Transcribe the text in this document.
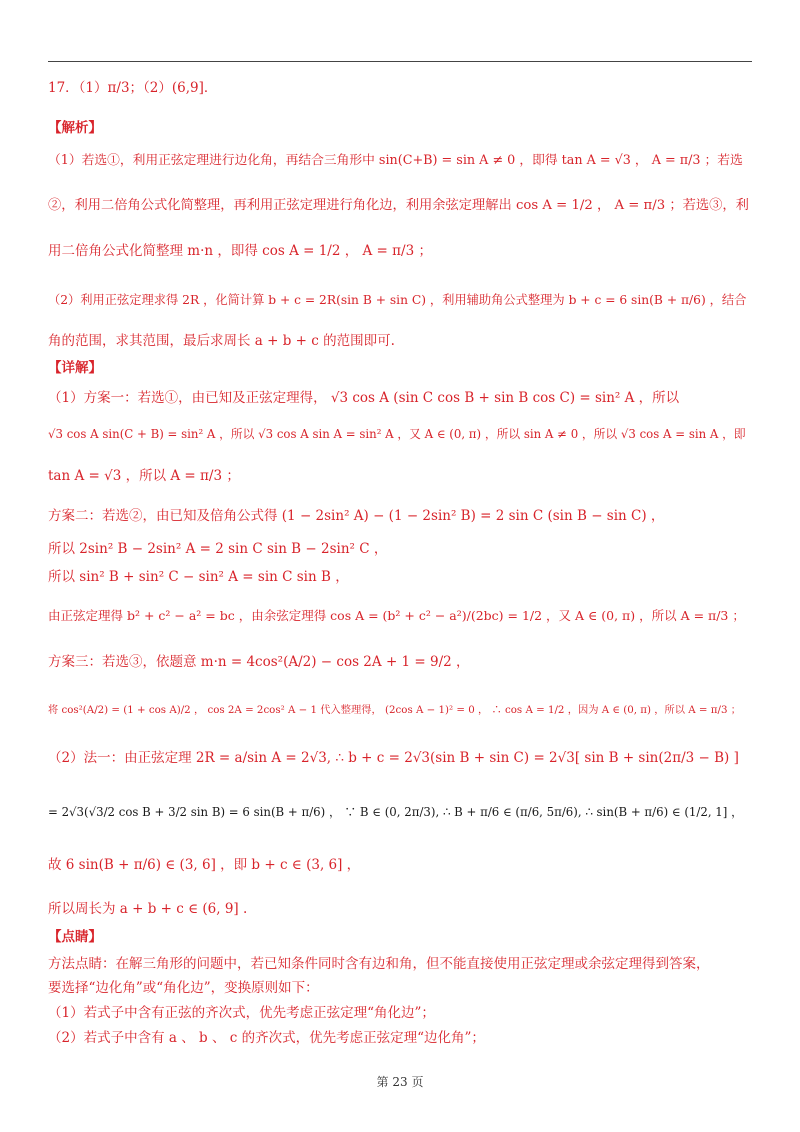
17．（1）π/3；（2）(6,9]．
【解析】
（1）若选①，利用正弦定理进行边化角，再结合三角形中 sin(C+B) = sin A ≠ 0 ，即得 tan A = √3 ， A = π/3 ；若选
②，利用二倍角公式化简整理，再利用正弦定理进行角化边，利用余弦定理解出 cos A = 1/2 ， A = π/3 ；若选③，利
用二倍角公式化简整理 m·n ，即得 cos A = 1/2 ， A = π/3 ；
（2）利用正弦定理求得 2R ，化简计算 b + c = 2R(sin B + sin C) ，利用辅助角公式整理为 b + c = 6 sin(B + π/6) ，结合
角的范围，求其范围，最后求周长 a + b + c 的范围即可.
【详解】
（1）方案一：若选①，由已知及正弦定理得， √3 cos A (sin C cos B + sin B cos C) = sin² A ，所以
√3 cos A sin(C + B) = sin² A ，所以 √3 cos A sin A = sin² A ，又 A ∈ (0, π) ，所以 sin A ≠ 0 ，所以 √3 cos A = sin A ，即
tan A = √3 ，所以 A = π/3 ；
方案二：若选②，由已知及倍角公式得 (1 − 2sin² A) − (1 − 2sin² B) = 2 sin C (sin B − sin C) ，
所以 2sin² B − 2sin² A = 2 sin C sin B − 2sin² C ，
所以 sin² B + sin² C − sin² A = sin C sin B ，
由正弦定理得 b² + c² − a² = bc ，由余弦定理得 cos A = (b² + c² − a²)/(2bc) = 1/2 ，又 A ∈ (0, π) ，所以 A = π/3 ；
方案三：若选③，依题意 m·n = 4cos²(A/2) − cos 2A + 1 = 9/2 ，
将 cos²(A/2) = (1 + cos A)/2 ， cos 2A = 2cos² A − 1 代入整理得， (2cos A − 1)² = 0 ， ∴ cos A = 1/2 ，因为 A ∈ (0, π) ，所以 A = π/3 ；
（2）法一：由正弦定理 2R = a/sin A = 2√3, ∴ b + c = 2√3(sin B + sin C) = 2√3[ sin B + sin(2π/3 − B) ]
= 2√3(√3/2 cos B + 3/2 sin B) = 6 sin(B + π/6) ， ∵ B ∈ (0, 2π/3), ∴ B + π/6 ∈ (π/6, 5π/6), ∴ sin(B + π/6) ∈ (1/2, 1] ，
故 6 sin(B + π/6) ∈ (3, 6] ，即 b + c ∈ (3, 6] ，
所以周长为 a + b + c ∈ (6, 9] .
【点睛】
方法点睛：在解三角形的问题中，若已知条件同时含有边和角，但不能直接使用正弦定理或余弦定理得到答案，
要选择“边化角”或“角化边”，变换原则如下：
（1）若式子中含有正弦的齐次式，优先考虑正弦定理“角化边”；
（2）若式子中含有 a 、 b 、 c 的齐次式，优先考虑正弦定理“边化角”；
第 23 页
